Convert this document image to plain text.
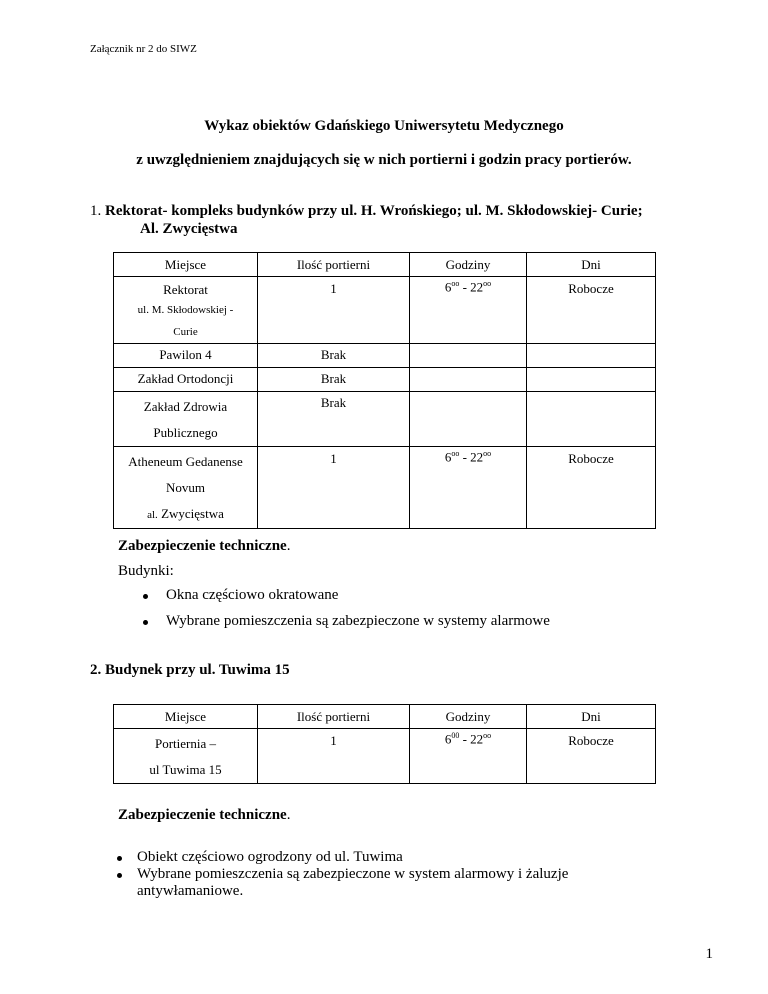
Załącznik nr 2 do SIWZ
Wykaz obiektów Gdańskiego Uniwersytetu Medycznego
z uwzględnieniem znajdujących się w nich portierni i godzin pracy portierów.
1. Rektorat- kompleks budynków przy ul. H. Wrońskiego; ul. M. Skłodowskiej- Curie;
Al. Zwycięstwa
Miejsce	Ilość portierni	Godziny	Dni

Rektorat
ul. M. Skłodowskiej -
Curie	1	$6^{oo} - 22^{oo}$	Robocze
Pawilon 4	Brak		
Zakład Ortodoncji	Brak		

Zakład Zdrowia
Publicznego	Brak		

Atheneum Gedanense
Novum
al. Zwycięstwa	1	$6^{oo} - 22^{oo}$	Robocze
Zabezpieczenie techniczne.
Budynki:
Okna częściowo okratowane
Wybrane pomieszczenia są zabezpieczone w systemy alarmowe
2. Budynek przy ul. Tuwima 15
Miejsce	Ilość portierni	Godziny	Dni

Portiernia –
ul Tuwima 15	1	$6^{00} - 22^{oo}$	Robocze
Zabezpieczenie techniczne.
Obiekt częściowo ogrodzony od ul. Tuwima
Wybrane pomieszczenia są zabezpieczone w system alarmowy i żaluzje
antywłamaniowe.
1
